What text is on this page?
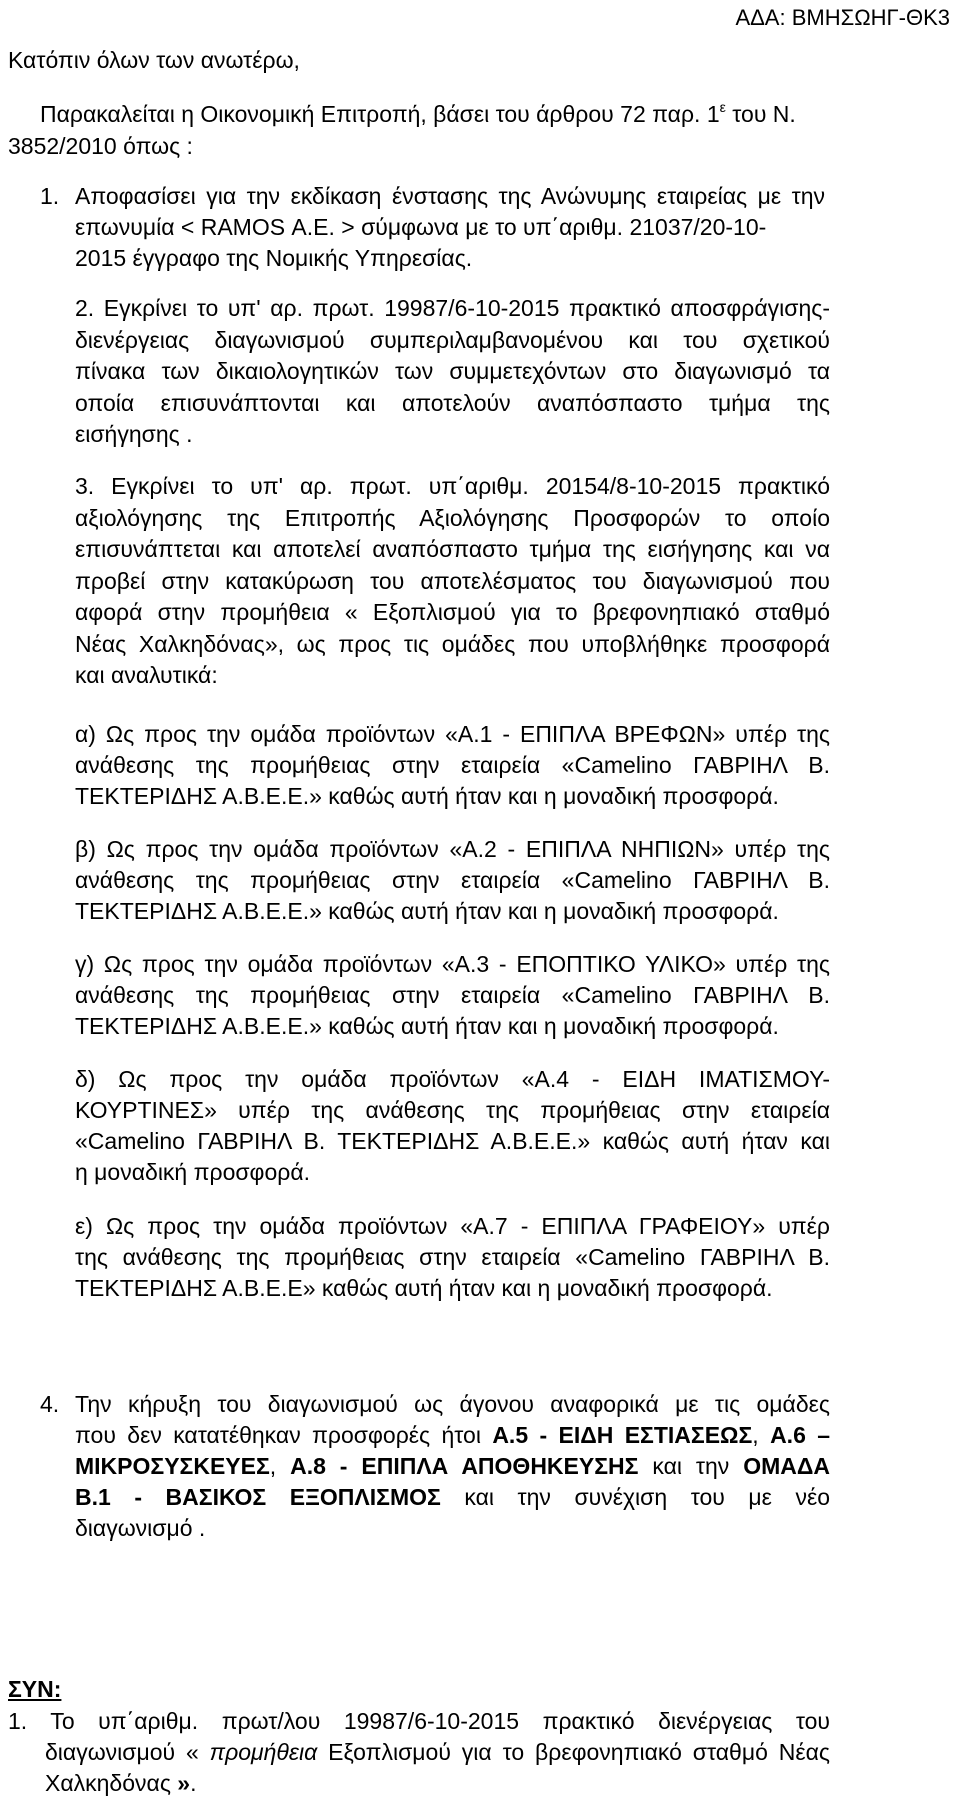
ΑΔΑ: ΒΜΗΣΩΗΓ-ΘΚ3
Κατόπιν όλων των ανωτέρω,
Παρακαλείται η Οικονομική Επιτροπή, βάσει του άρθρου 72 παρ. $1^\varepsilon$ του Ν.
3852/2010 όπως :
1. Αποφασίσει για την εκδίκαση ένστασης της Ανώνυμης εταιρείας με την
επωνυμία < RAMOS Α.Ε. > σύμφωνα με το υπ΄αριθμ. 21037/20-10-
2015 έγγραφο της Νομικής Υπηρεσίας.
2. Εγκρίνει το υπ' αρ. πρωτ. 19987/6-10-2015 πρακτικό αποσφράγισης-
διενέργειας διαγωνισμού συμπεριλαμβανομένου και του σχετικού
πίνακα των δικαιολογητικών των συμμετεχόντων στο διαγωνισμό τα
οποία επισυνάπτονται και αποτελούν αναπόσπαστο τμήμα της
εισήγησης .
3. Εγκρίνει το υπ' αρ. πρωτ. υπ΄αριθμ. 20154/8-10-2015 πρακτικό
αξιολόγησης της Επιτροπής Αξιολόγησης Προσφορών το οποίο
επισυνάπτεται και αποτελεί αναπόσπαστο τμήμα της εισήγησης και να
προβεί στην κατακύρωση του αποτελέσματος του διαγωνισμού που
αφορά στην προμήθεια « Εξοπλισμού για το βρεφονηπιακό σταθμό
Νέας Χαλκηδόνας», ως προς τις ομάδες που υποβλήθηκε προσφορά
και αναλυτικά:
α) Ως προς την ομάδα προϊόντων «Α.1 - ΕΠΙΠΛΑ ΒΡΕΦΩΝ» υπέρ της
ανάθεσης της προμήθειας στην εταιρεία «Camelino ΓΑΒΡΙΗΛ Β.
ΤΕΚΤΕΡΙΔΗΣ Α.Β.Ε.Ε.» καθώς αυτή ήταν και η μοναδική προσφορά.
β) Ως προς την ομάδα προϊόντων «Α.2 - ΕΠΙΠΛΑ ΝΗΠΙΩΝ» υπέρ της
ανάθεσης της προμήθειας στην εταιρεία «Camelino ΓΑΒΡΙΗΛ Β.
ΤΕΚΤΕΡΙΔΗΣ Α.Β.Ε.Ε.» καθώς αυτή ήταν και η μοναδική προσφορά.
γ) Ως προς την ομάδα προϊόντων «Α.3 - ΕΠΟΠΤΙΚΟ ΥΛΙΚΟ» υπέρ της
ανάθεσης της προμήθειας στην εταιρεία «Camelino ΓΑΒΡΙΗΛ Β.
ΤΕΚΤΕΡΙΔΗΣ Α.Β.Ε.Ε.» καθώς αυτή ήταν και η μοναδική προσφορά.
δ) Ως προς την ομάδα προϊόντων «Α.4 - ΕΙΔΗ ΙΜΑΤΙΣΜΟΥ-
ΚΟΥΡΤΙΝΕΣ» υπέρ της ανάθεσης της προμήθειας στην εταιρεία
«Camelino ΓΑΒΡΙΗΛ Β. ΤΕΚΤΕΡΙΔΗΣ Α.Β.Ε.Ε.» καθώς αυτή ήταν και
η μοναδική προσφορά.
ε) Ως προς την ομάδα προϊόντων «Α.7 - ΕΠΙΠΛΑ ΓΡΑΦΕΙΟΥ» υπέρ
της ανάθεσης της προμήθειας στην εταιρεία «Camelino ΓΑΒΡΙΗΛ Β.
ΤΕΚΤΕΡΙΔΗΣ Α.Β.Ε.Ε» καθώς αυτή ήταν και η μοναδική προσφορά.
4. Την κήρυξη του διαγωνισμού ως άγονου αναφορικά με τις ομάδες
που δεν κατατέθηκαν προσφορές ήτοι Α.5 - ΕΙΔΗ ΕΣΤΙΑΣΕΩΣ, Α.6 –
ΜΙΚΡΟΣΥΣΚΕΥΕΣ, Α.8 - ΕΠΙΠΛΑ ΑΠΟΘΗΚΕΥΣΗΣ και την ΟΜΑΔΑ
Β.1 - ΒΑΣΙΚΟΣ ΕΞΟΠΛΙΣΜΟΣ και την συνέχιση του με νέο
διαγωνισμό .
ΣΥΝ:
1. Το υπ΄αριθμ. πρωτ/λου 19987/6-10-2015 πρακτικό διενέργειας του
διαγωνισμού « προμήθεια Εξοπλισμού για το βρεφονηπιακό σταθμό Νέας
Χαλκηδόνας ».
